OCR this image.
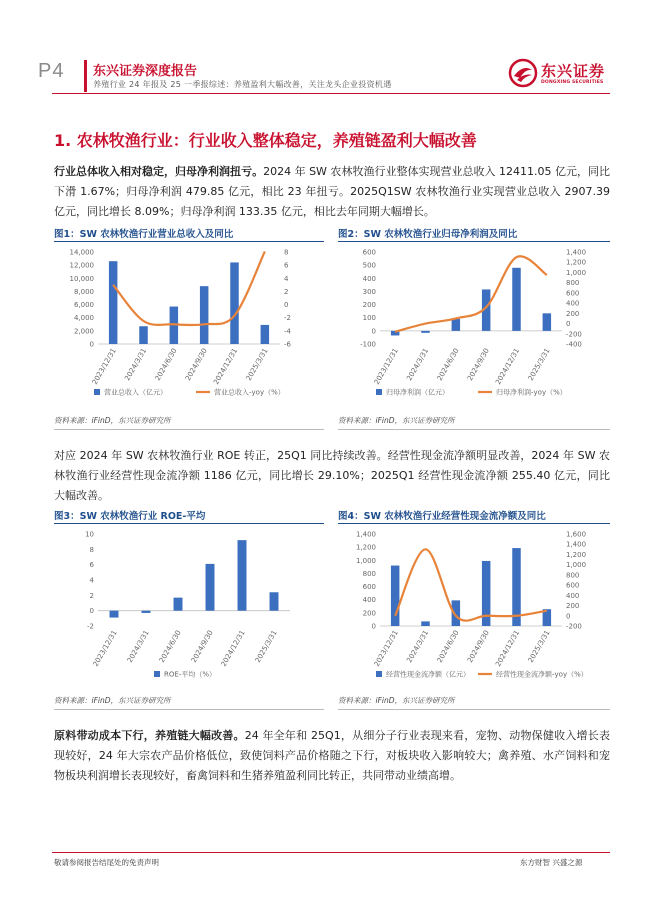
P4 东兴证券深度报告
养殖行业 24 年报及 25 一季报综述：养殖盈利大幅改善，关注龙头企业投资机遇
东兴证券
DONGXING SECURITIES
1. 农林牧渔行业：行业收入整体稳定，养殖链盈利大幅改善
行业总体收入相对稳定，归母净利润扭亏。2024 年 SW 农林牧渔行业整体实现营业总收入 12411.05 亿元，同比下滑 1.67%；归母净利润 479.85 亿元，相比 23 年扭亏。2025Q1SW 农林牧渔行业实现营业总收入 2907.39 亿元，同比增长 8.09%；归母净利润 133.35 亿元，相比去年同期大幅增长。
图1：SW 农林牧渔行业营业总收入及同比
0
2,000
4,000
6,000
8,000
10,000
12,000
14,000
-6
-4
-2
0
2
4
6
8
2023/12/31 2024/3/31 2024/6/30 2024/9/30 2024/12/31 2025/3/31
营业总收入（亿元）	营业总收入-yoy（%）
资料来源：iFinD，东兴证券研究所
图2：SW 农林牧渔行业归母净利润及同比
-100
0
100
200
300
400
500
600
-400
-200
0
200
400
600
800
1,000
1,200
1,400
2023/12/31 2024/3/31 2024/6/30 2024/9/30 2024/12/31 2025/3/31
归母净利润（亿元）	归母净利润-yoy（%）
资料来源：iFinD，东兴证券研究所
对应 2024 年 SW 农林牧渔行业 ROE 转正，25Q1 同比持续改善。经营性现金流净额明显改善，2024 年 SW 农林牧渔行业经营性现金流净额 1186 亿元，同比增长 29.10%；2025Q1 经营性现金流净额 255.40 亿元，同比大幅改善。
图3：SW 农林牧渔行业 ROE-平均
-2
0
2
4
6
8
10
2023/12/31 2024/3/31 2024/6/30 2024/9/30 2024/12/31 2025/3/31
ROE-平均（%）
资料来源：iFinD，东兴证券研究所
图4：SW 农林牧渔行业经营性现金流净额及同比
0
200
400
600
800
1,000
1,200
1,400
-200
0
200
400
600
800
1,000
1,200
1,400
1,600
2023/12/31 2024/3/31 2024/6/30 2024/9/30 2024/12/31 2025/3/31
经营性现金流净额（亿元）	经营性现金流净额-yoy（%）
资料来源：iFinD，东兴证券研究所
原料带动成本下行，养殖链大幅改善。24 年全年和 25Q1，从细分子行业表现来看，宠物、动物保健收入增长表现较好，24 年大宗农产品价格低位，致使饲料产品价格随之下行，对板块收入影响较大；禽养殖、水产饲料和宠物板块利润增长表现较好，畜禽饲料和生猪养殖盈利同比转正，共同带动业绩高增。
敬请参阅报告结尾处的免责声明	东方财智 兴盛之源
